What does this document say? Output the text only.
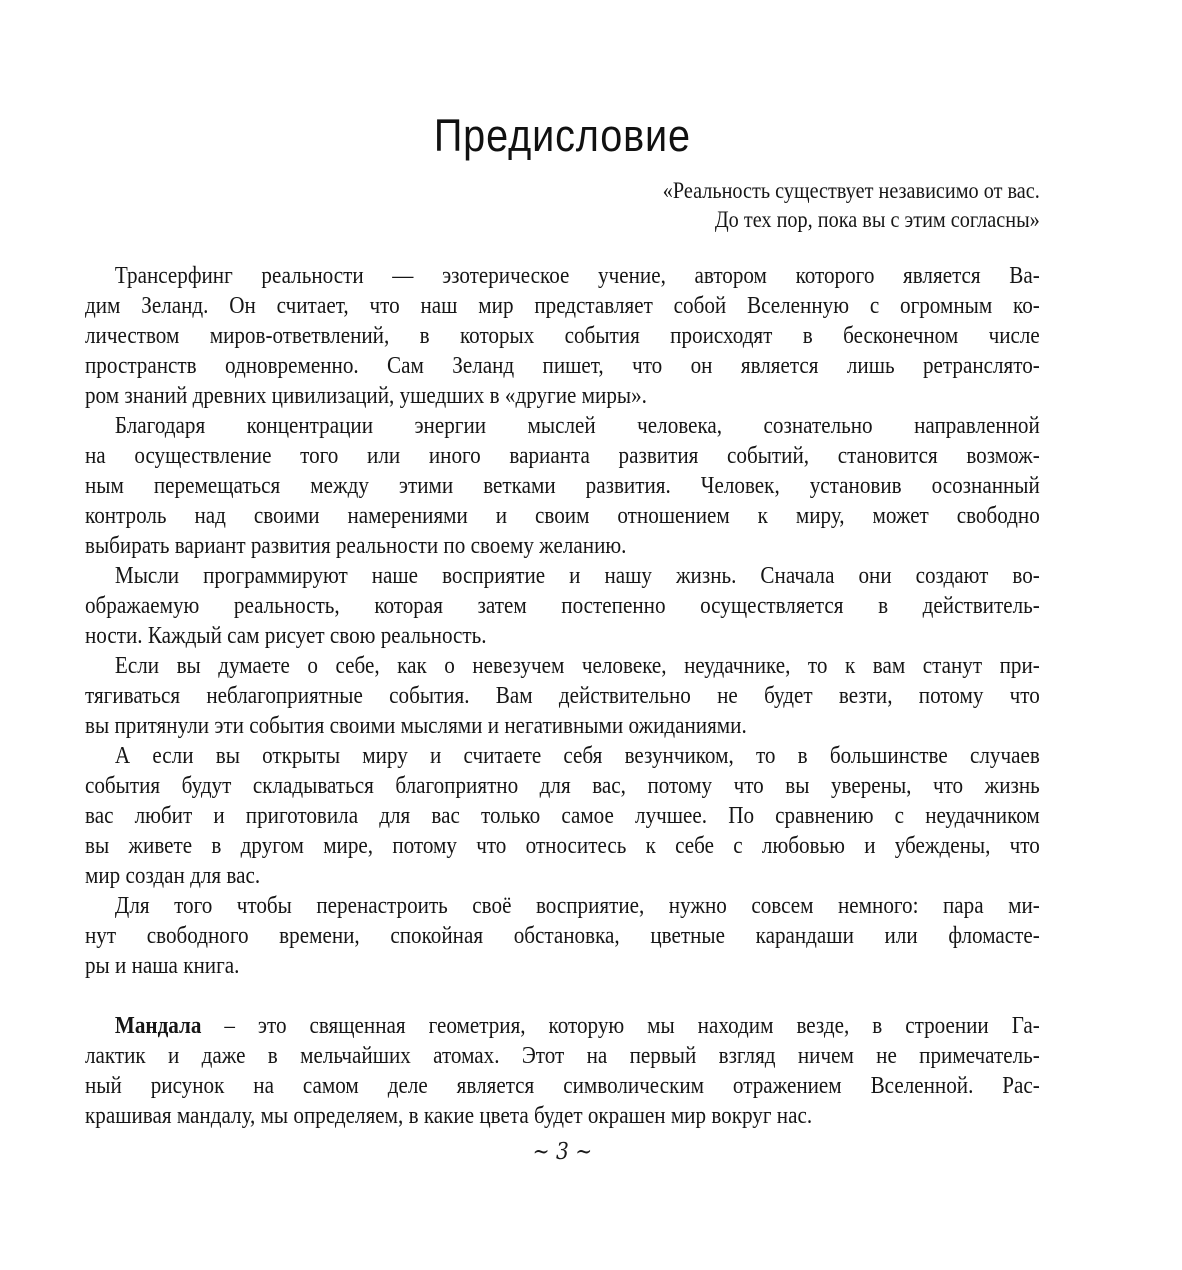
Предисловие
«Реальность существует независимо от вас.
До тех пор, пока вы с этим согласны»
Трансерфинг реальности — эзотерическое учение, автором которого является Ва-
дим Зеланд. Он считает, что наш мир представляет собой Вселенную с огромным ко-
личеством миров-ответвлений, в которых события происходят в бесконечном числе
пространств одновременно. Сам Зеланд пишет, что он является лишь ретранслято-
ром знаний древних цивилизаций, ушедших в «другие миры».
Благодаря концентрации энергии мыслей человека, сознательно направленной
на осуществление того или иного варианта развития событий, становится возмож-
ным перемещаться между этими ветками развития. Человек, установив осознанный
контроль над своими намерениями и своим отношением к миру, может свободно
выбирать вариант развития реальности по своему желанию.
Мысли программируют наше восприятие и нашу жизнь. Сначала они создают во-
ображаемую реальность, которая затем постепенно осуществляется в действитель-
ности. Каждый сам рисует свою реальность.
Если вы думаете о себе, как о невезучем человеке, неудачнике, то к вам станут при-
тягиваться неблагоприятные события. Вам действительно не будет везти, потому что
вы притянули эти события своими мыслями и негативными ожиданиями.
А если вы открыты миру и считаете себя везунчиком, то в большинстве случаев
события будут складываться благоприятно для вас, потому что вы уверены, что жизнь
вас любит и приготовила для вас только самое лучшее. По сравнению с неудачником
вы живете в другом мире, потому что относитесь к себе с любовью и убеждены, что
мир создан для вас.
Для того чтобы перенастроить своё восприятие, нужно совсем немного: пара ми-
нут свободного времени, спокойная обстановка, цветные карандаши или фломасте-
ры и наша книга.
Мандала – это священная геометрия, которую мы находим везде, в строении Га-
лактик и даже в мельчайших атомах. Этот на первый взгляд ничем не примечатель-
ный рисунок на самом деле является символическим отражением Вселенной. Рас-
крашивая мандалу, мы определяем, в какие цвета будет окрашен мир вокруг нас.
~ 3 ~
